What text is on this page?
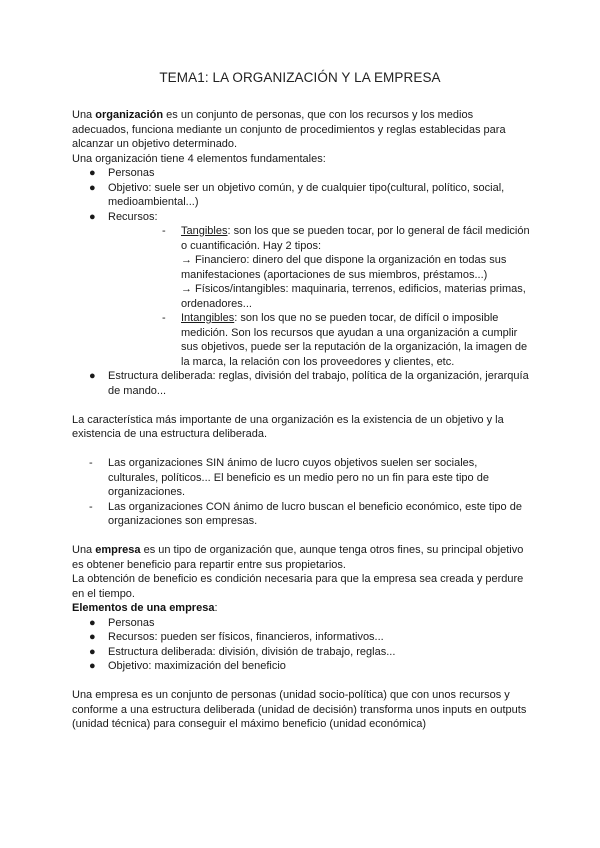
TEMA1: LA ORGANIZACIÓN Y LA EMPRESA

Una organización es un conjunto de personas, que con los recursos y los medios adecuados, funciona mediante un conjunto de procedimientos y reglas establecidas para alcanzar un objetivo determinado.

Una organización tiene 4 elementos fundamentales:

● Personas
● Objetivo: suele ser un objetivo común, y de cualquier tipo(cultural, político, social, medioambiental...)
● Recursos:
- Tangibles: son los que se pueden tocar, por lo general de fácil medición o cuantificación. Hay 2 tipos:
→ Financiero: dinero del que dispone la organización en todas sus manifestaciones (aportaciones de sus miembros, préstamos...)
→ Físicos/intangibles: maquinaria, terrenos, edificios, materias primas, ordenadores...
- Intangibles: son los que no se pueden tocar, de difícil o imposible medición. Son los recursos que ayudan a una organización a cumplir sus objetivos, puede ser la reputación de la organización, la imagen de la marca, la relación con los proveedores y clientes, etc.
● Estructura deliberada: reglas, división del trabajo, política de la organización, jerarquía de mando...

La característica más importante de una organización es la existencia de un objetivo y la existencia de una estructura deliberada.

- Las organizaciones SIN ánimo de lucro cuyos objetivos suelen ser sociales, culturales, políticos... El beneficio es un medio pero no un fin para este tipo de organizaciones.
- Las organizaciones CON ánimo de lucro buscan el beneficio económico, este tipo de organizaciones son empresas.

Una empresa es un tipo de organización que, aunque tenga otros fines, su principal objetivo es obtener beneficio para repartir entre sus propietarios.

La obtención de beneficio es condición necesaria para que la empresa sea creada y perdure en el tiempo.

Elementos de una empresa:

● Personas
● Recursos: pueden ser físicos, financieros, informativos...
● Estructura deliberada: división, división de trabajo, reglas...
● Objetivo: maximización del beneficio

Una empresa es un conjunto de personas (unidad socio-política) que con unos recursos y conforme a una estructura deliberada (unidad de decisión) transforma unos inputs en outputs (unidad técnica) para conseguir el máximo beneficio (unidad económica)
